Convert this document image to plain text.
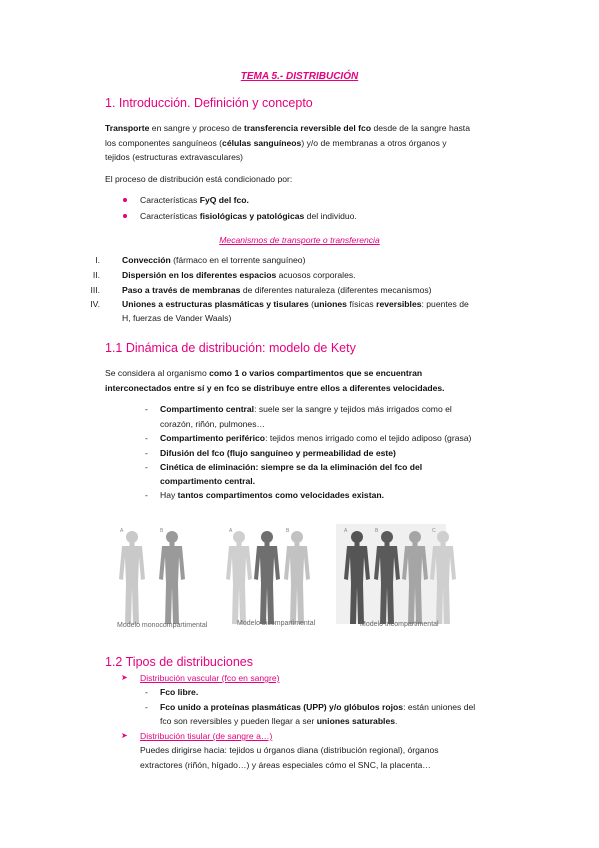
TEMA 5.- DISTRIBUCIÓN
1. Introducción. Definición y concepto
Transporte en sangre y proceso de transferencia reversible del fco desde de la sangre hasta
los componentes sanguíneos (células sanguíneos) y/o de membranas a otros órganos y
tejidos (estructuras extravasculares)
El proceso de distribución está condicionado por:
Características FyQ del fco.
Características fisiológicas y patológicas del individuo.
Mecanismos de transporte o transferencia
I.	Convección (fármaco en el torrente sanguíneo)
II.	Dispersión en los diferentes espacios acuosos corporales.
III.	Paso a través de membranas de diferentes naturaleza (diferentes mecanismos)
IV.	Uniones a estructuras plasmáticas y tisulares (uniones físicas reversibles: puentes de
H, fuerzas de Vander Waals)
1.1 Dinámica de distribución: modelo de Kety
Se considera al organismo como 1 o varios compartimentos que se encuentran
interconectados entre sí y en fco se distribuye entre ellos a diferentes velocidades.
- Compartimento central: suele ser la sangre y tejidos más irrigados como el
corazón, riñón, pulmones…
- Compartimento periférico: tejidos menos irrigado como el tejido adiposo (grasa)
- Difusión del fco (flujo sanguíneo y permeabilidad de este)
- Cinética de eliminación: siempre se da la eliminación del fco del
compartimento central.
- Hay tantos compartimentos como velocidades existan.
A	B	A	B	A	B	C
Modelo monocompartimental	Modelo bicompartimental	Modelo tricompartimental
1.2 Tipos de distribuciones
➤ Distribución vascular (fco en sangre)
- Fco libre.
- Fco unido a proteínas plasmáticas (UPP) y/o glóbulos rojos: están uniones del
fco son reversibles y pueden llegar a ser uniones saturables.
➤ Distribución tisular (de sangre a…)
Puedes dirigirse hacia: tejidos u órganos diana (distribución regional), órganos
extractores (riñón, hígado…) y áreas especiales cómo el SNC, la placenta…
